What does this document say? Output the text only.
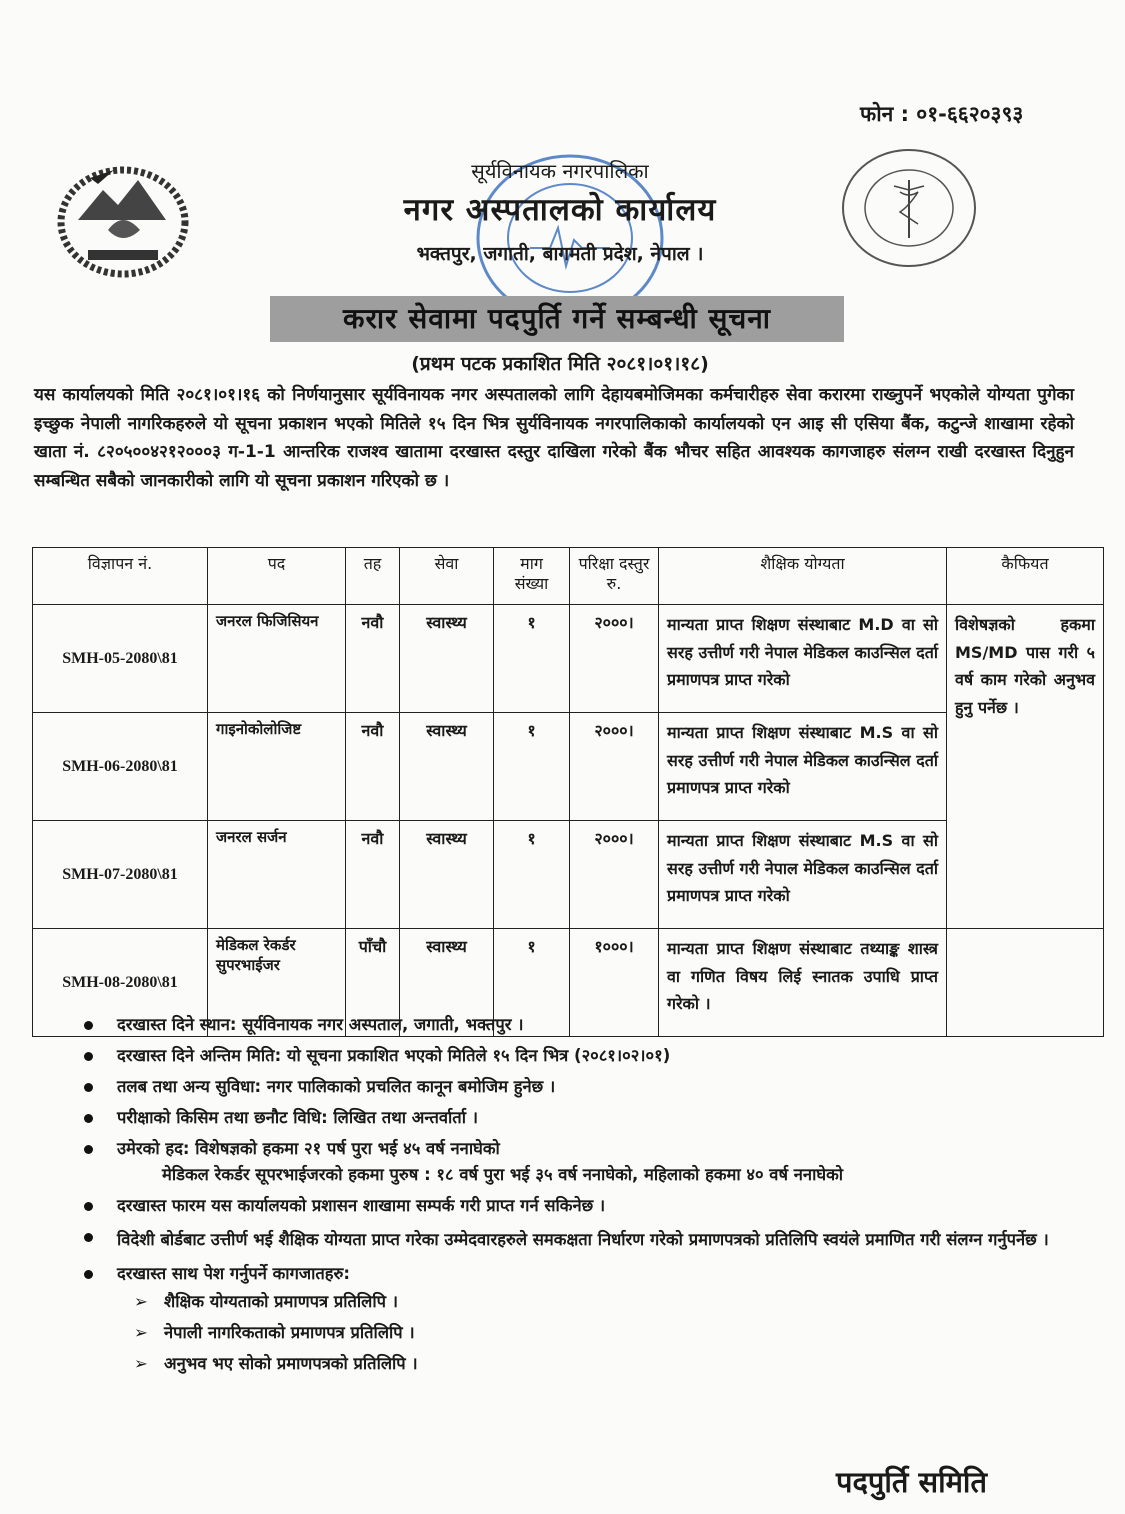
फोन : ०१-६६२०३९३
सूर्यविनायक नगरपालिका
नगर अस्पतालको कार्यालय
भक्तपुर, जगाती, बागमती प्रदेश, नेपाल ।
करार सेवामा पदपुर्ति गर्ने सम्बन्धी सूचना
(प्रथम पटक प्रकाशित मिति २०८१।०१।१८)
यस कार्यालयको मिति २०८१।०१।१६ को निर्णयानुसार सूर्यविनायक नगर अस्पतालको लागि देहायबमोजिमका कर्मचारीहरु सेवा करारमा राख्नुपर्ने भएकोले योग्यता पुगेका इच्छुक नेपाली नागरिकहरुले यो सूचना प्रकाशन भएको मितिले १५ दिन भित्र सुर्यविनायक नगरपालिकाको कार्यालयको एन आइ सी एसिया बैंक, कटुन्जे शाखामा रहेको खाता नं. ८२०५००४२१२०००३ ग-1-1 आन्तरिक राजश्व खातामा दरखास्त दस्तुर दाखिला गरेको बैंक भौचर सहित आवश्यक कागजाहरु संलग्न राखी दरखास्त दिनुहुन सम्बन्धित सबैको जानकारीको लागि यो सूचना प्रकाशन गरिएको छ ।
विज्ञापन नं.	पद	तह	सेवा	माग संख्या	परिक्षा दस्तुर रु.	शैक्षिक योग्यता	कैफियत
SMH-05-2080\81	जनरल फिजिसियन	नवौ	स्वास्थ्य	१	२०००।	मान्यता प्राप्त शिक्षण संस्थाबाट M.D वा सो सरह उत्तीर्ण गरी नेपाल मेडिकल काउन्सिल दर्ता प्रमाणपत्र प्राप्त गरेको	विशेषज्ञको हकमा MS/MD पास गरी ५ वर्ष काम गरेको अनुभव हुनु पर्नेछ ।
SMH-06-2080\81	गाइनोकोलोजिष्ट	नवौ	स्वास्थ्य	१	२०००।	मान्यता प्राप्त शिक्षण संस्थाबाट M.S वा सो सरह उत्तीर्ण गरी नेपाल मेडिकल काउन्सिल दर्ता प्रमाणपत्र प्राप्त गरेको	
SMH-07-2080\81	जनरल सर्जन	नवौ	स्वास्थ्य	१	२०००।	मान्यता प्राप्त शिक्षण संस्थाबाट M.S वा सो सरह उत्तीर्ण गरी नेपाल मेडिकल काउन्सिल दर्ता प्रमाणपत्र प्राप्त गरेको	
SMH-08-2080\81	मेडिकल रेकर्डर सुपरभाईजर	पाँचौ	स्वास्थ्य	१	१०००।	मान्यता प्राप्त शिक्षण संस्थाबाट तथ्याङ्क शास्त्र वा गणित विषय लिई स्नातक उपाधि प्राप्त गरेको ।	
दरखास्त दिने स्थान: सूर्यविनायक नगर अस्पताल, जगाती, भक्तपुर ।
दरखास्त दिने अन्तिम मिति: यो सूचना प्रकाशित भएको मितिले १५ दिन भित्र (२०८१।०२।०१)
तलब तथा अन्य सुविधा: नगर पालिकाको प्रचलित कानून बमोजिम हुनेछ ।
परीक्षाको किसिम तथा छनौट विधि: लिखित तथा अन्तर्वार्ता ।
उमेरको हद: विशेषज्ञको हकमा २१ पर्ष पुरा भई ४५ वर्ष ननाघेको
मेडिकल रेकर्डर सूपरभाईजरको हकमा पुरुष : १८ वर्ष पुरा भई ३५ वर्ष ननाघेको, महिलाको हकमा ४० वर्ष ननाघेको
दरखास्त फारम यस कार्यालयको प्रशासन शाखामा सम्पर्क गरी प्राप्त गर्न सकिनेछ ।
विदेशी बोर्डबाट उत्तीर्ण भई शैक्षिक योग्यता प्राप्त गरेका उम्मेदवारहरुले समकक्षता निर्धारण गरेको प्रमाणपत्रको प्रतिलिपि स्वयंले प्रमाणित गरी संलग्न गर्नुपर्नेछ ।
दरखास्त साथ पेश गर्नुपर्ने कागजातहरु:
➢ शैक्षिक योग्यताको प्रमाणपत्र प्रतिलिपि ।
➢ नेपाली नागरिकताको प्रमाणपत्र प्रतिलिपि ।
➢ अनुभव भए सोको प्रमाणपत्रको प्रतिलिपि ।
पदपुर्ति समिति
